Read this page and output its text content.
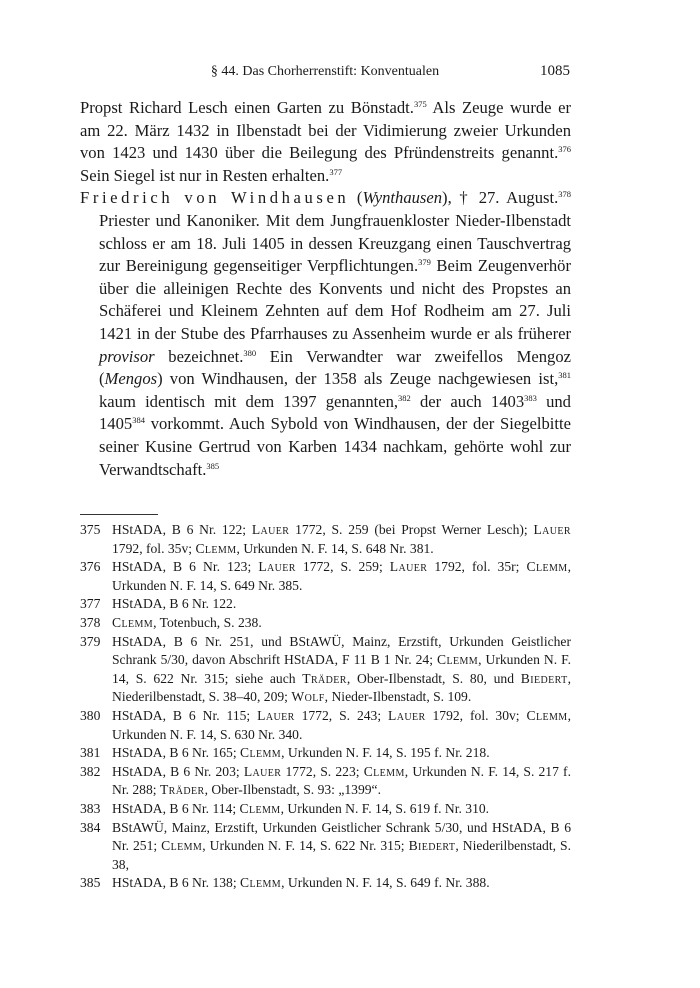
§ 44. Das Chorherrenstift: Konventualen	1085

Propst Richard Lesch einen Garten zu Bönstadt.$^{375}$ Als Zeuge wurde er am 22. März 1432 in Ilbenstadt bei der Vidimierung zweier Urkunden von 1423 und 1430 über die Beilegung des Pfründenstreits genannt.$^{376}$ Sein Siegel ist nur in Resten erhalten.$^{377}$

Friedrich von Windhausen (Wynthausen), † 27. August.$^{378}$ Priester und Kanoniker. Mit dem Jungfrauenkloster Nieder-Ilbenstadt schloss er am 18. Juli 1405 in dessen Kreuzgang einen Tauschvertrag zur Bereinigung gegenseitiger Verpflichtungen.$^{379}$ Beim Zeugenverhör über die alleinigen Rechte des Konvents und nicht des Propstes an Schäferei und Kleinem Zehnten auf dem Hof Rodheim am 27. Juli 1421 in der Stube des Pfarrhauses zu Assenheim wurde er als früherer provisor bezeichnet.$^{380}$ Ein Verwandter war zweifellos Mengoz (Mengos) von Windhausen, der 1358 als Zeuge nachgewiesen ist,$^{381}$ kaum identisch mit dem 1397 genannten,$^{382}$ der auch 1403$^{383}$ und 1405$^{384}$ vorkommt. Auch Sybold von Windhausen, der der Siegelbitte seiner Kusine Gertrud von Karben 1434 nachkam, gehörte wohl zur Verwandtschaft.$^{385}$

375 HStADA, B 6 Nr. 122; Lauer 1772, S. 259 (bei Propst Werner Lesch); Lauer 1792, fol. 35v; Clemm, Urkunden N. F. 14, S. 648 Nr. 381.

376 HStADA, B 6 Nr. 123; Lauer 1772, S. 259; Lauer 1792, fol. 35r; Clemm, Urkunden N. F. 14, S. 649 Nr. 385.

377 HStADA, B 6 Nr. 122.

378 Clemm, Totenbuch, S. 238.

379 HStADA, B 6 Nr. 251, und BStAWÜ, Mainz, Erzstift, Urkunden Geistlicher Schrank 5/30, davon Abschrift HStADA, F 11 B 1 Nr. 24; Clemm, Urkunden N. F. 14, S. 622 Nr. 315; siehe auch Träder, Ober-Ilbenstadt, S. 80, und Biedert, Niederilbenstadt, S. 38–40, 209; Wolf, Nieder-Ilbenstadt, S. 109.

380 HStADA, B 6 Nr. 115; Lauer 1772, S. 243; Lauer 1792, fol. 30v; Clemm, Urkunden N. F. 14, S. 630 Nr. 340.

381 HStADA, B 6 Nr. 165; Clemm, Urkunden N. F. 14, S. 195 f. Nr. 218.

382 HStADA, B 6 Nr. 203; Lauer 1772, S. 223; Clemm, Urkunden N. F. 14, S. 217 f. Nr. 288; Träder, Ober-Ilbenstadt, S. 93: „1399“.

383 HStADA, B 6 Nr. 114; Clemm, Urkunden N. F. 14, S. 619 f. Nr. 310.

384 BStAWÜ, Mainz, Erzstift, Urkunden Geistlicher Schrank 5/30, und HStADA, B 6 Nr. 251; Clemm, Urkunden N. F. 14, S. 622 Nr. 315; Biedert, Niederilbenstadt, S. 38,

385 HStADA, B 6 Nr. 138; Clemm, Urkunden N. F. 14, S. 649 f. Nr. 388.
